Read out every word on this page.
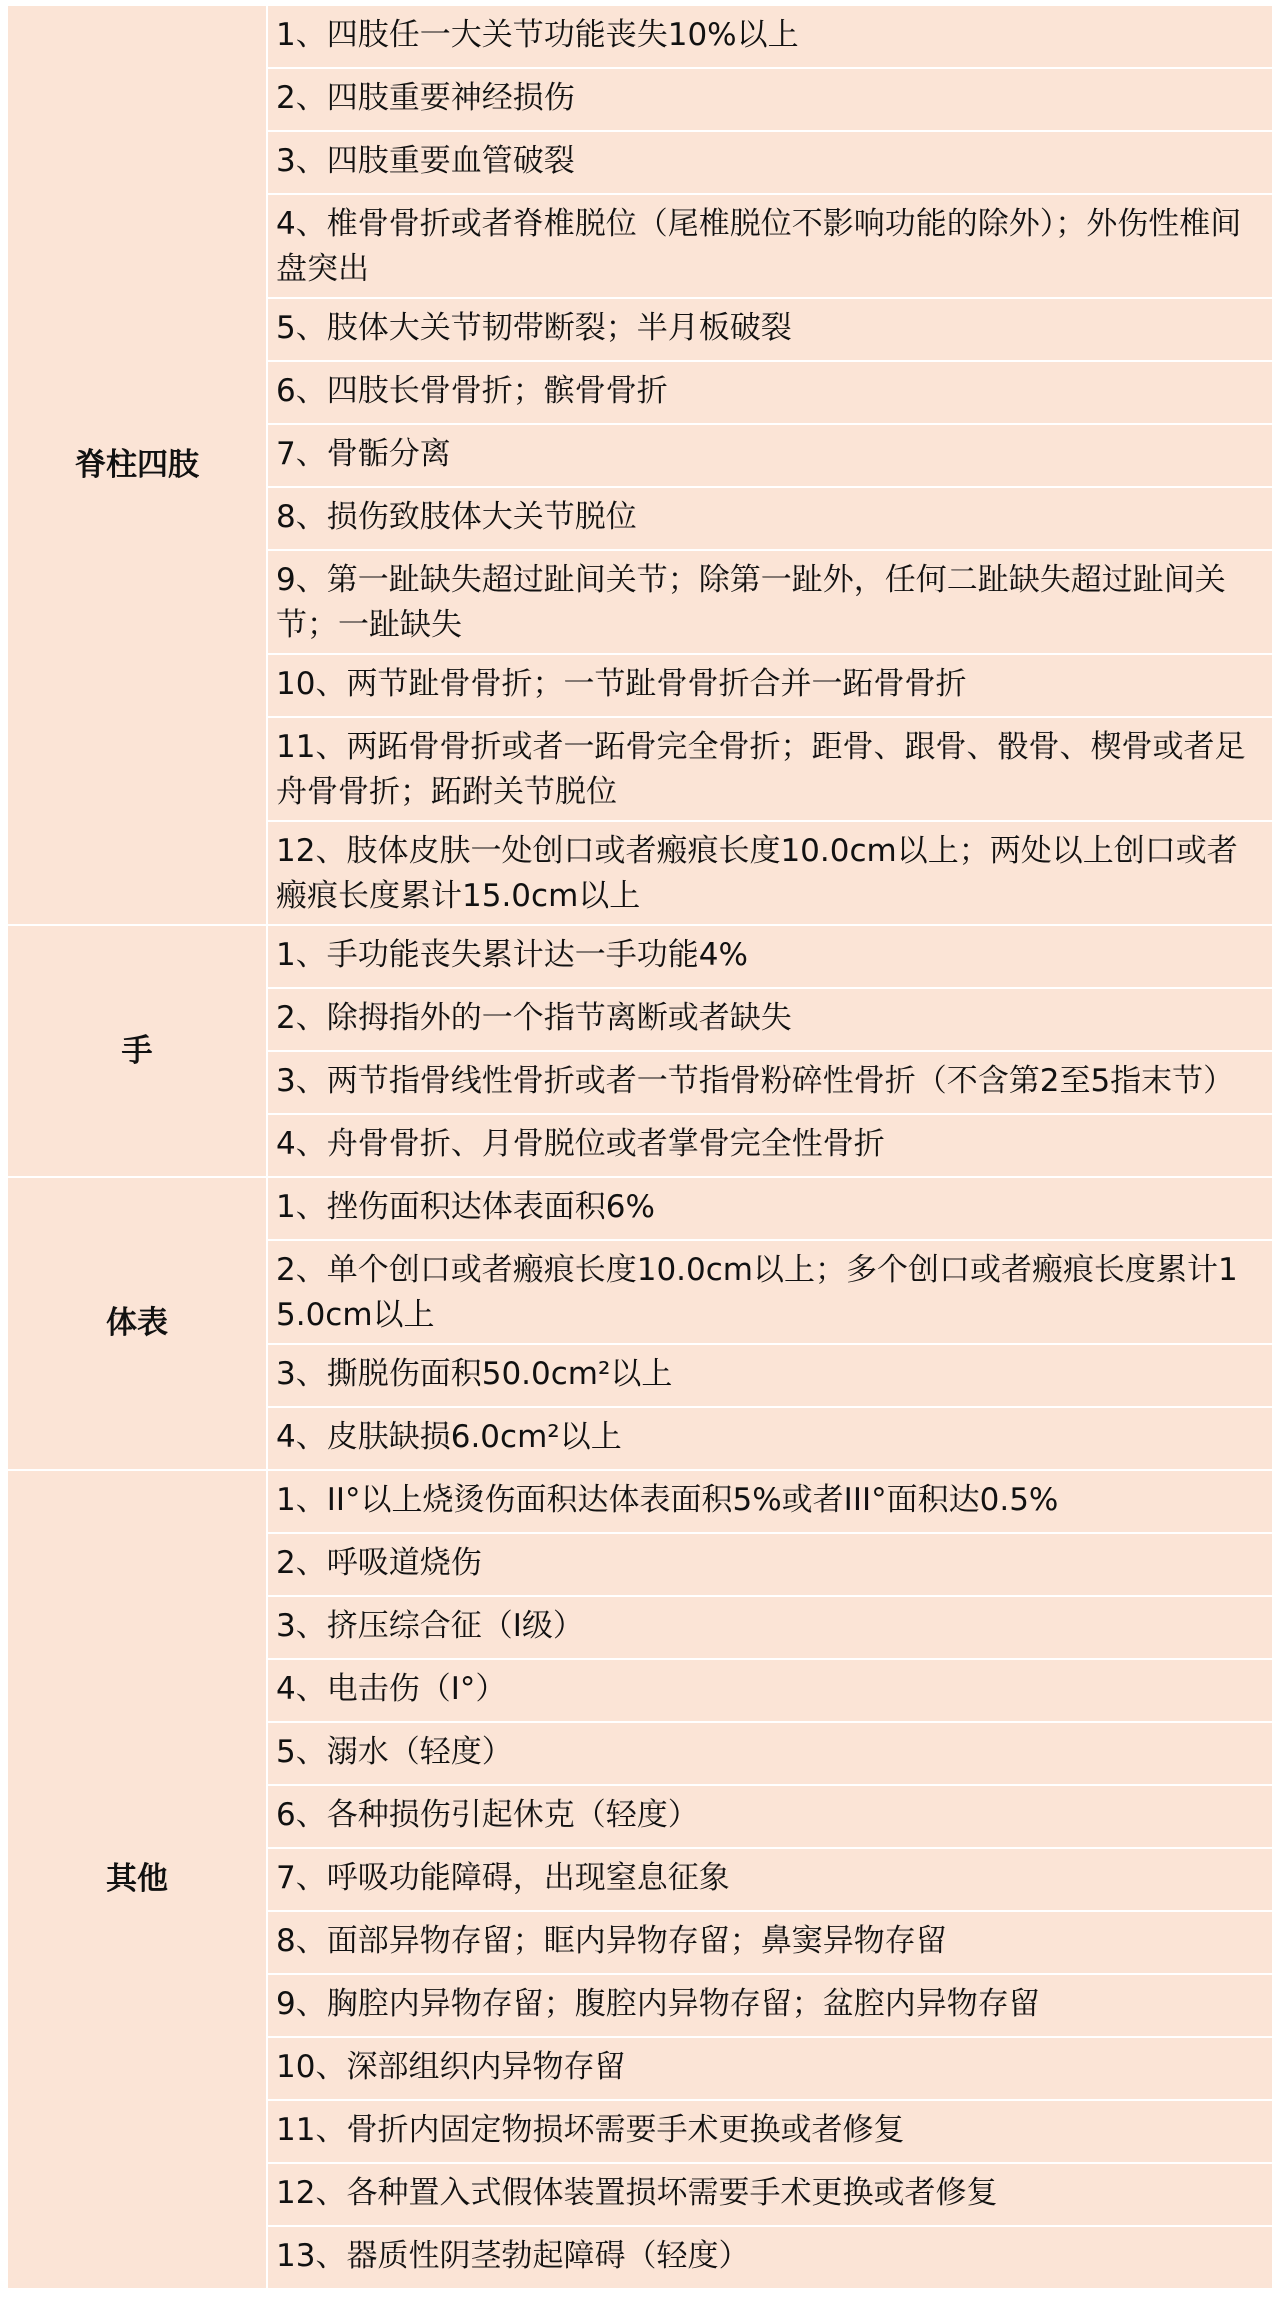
脊柱四肢	1、四肢任一大关节功能丧失10%以上
	2、四肢重要神经损伤
	3、四肢重要血管破裂
	4、椎骨骨折或者脊椎脱位（尾椎脱位不影响功能的除外）；外伤性椎间盘突出
	5、肢体大关节韧带断裂；半月板破裂
	6、四肢长骨骨折；髌骨骨折
	7、骨骺分离
	8、损伤致肢体大关节脱位
	9、第一趾缺失超过趾间关节；除第一趾外，任何二趾缺失超过趾间关节；一趾缺失
	10、两节趾骨骨折；一节趾骨骨折合并一跖骨骨折
	11、两跖骨骨折或者一跖骨完全骨折；距骨、跟骨、骰骨、楔骨或者足舟骨骨折；跖跗关节脱位
	12、肢体皮肤一处创口或者瘢痕长度10.0cm以上；两处以上创口或者瘢痕长度累计15.0cm以上
手	1、手功能丧失累计达一手功能4%
	2、除拇指外的一个指节离断或者缺失
	3、两节指骨线性骨折或者一节指骨粉碎性骨折（不含第2至5指末节）
	4、舟骨骨折、月骨脱位或者掌骨完全性骨折
体表	1、挫伤面积达体表面积6%
	2、单个创口或者瘢痕长度10.0cm以上；多个创口或者瘢痕长度累计15.0cm以上
	3、撕脱伤面积50.0cm²以上
	4、皮肤缺损6.0cm²以上
其他	1、II°以上烧烫伤面积达体表面积5%或者III°面积达0.5%
	2、呼吸道烧伤
	3、挤压综合征（I级）
	4、电击伤（Ⅰ°）
	5、溺水（轻度）
	6、各种损伤引起休克（轻度）
	7、呼吸功能障碍，出现窒息征象
	8、面部异物存留；眶内异物存留；鼻窦异物存留
	9、胸腔内异物存留；腹腔内异物存留；盆腔内异物存留
	10、深部组织内异物存留
	11、骨折内固定物损坏需要手术更换或者修复
	12、各种置入式假体装置损坏需要手术更换或者修复
	13、器质性阴茎勃起障碍（轻度）
